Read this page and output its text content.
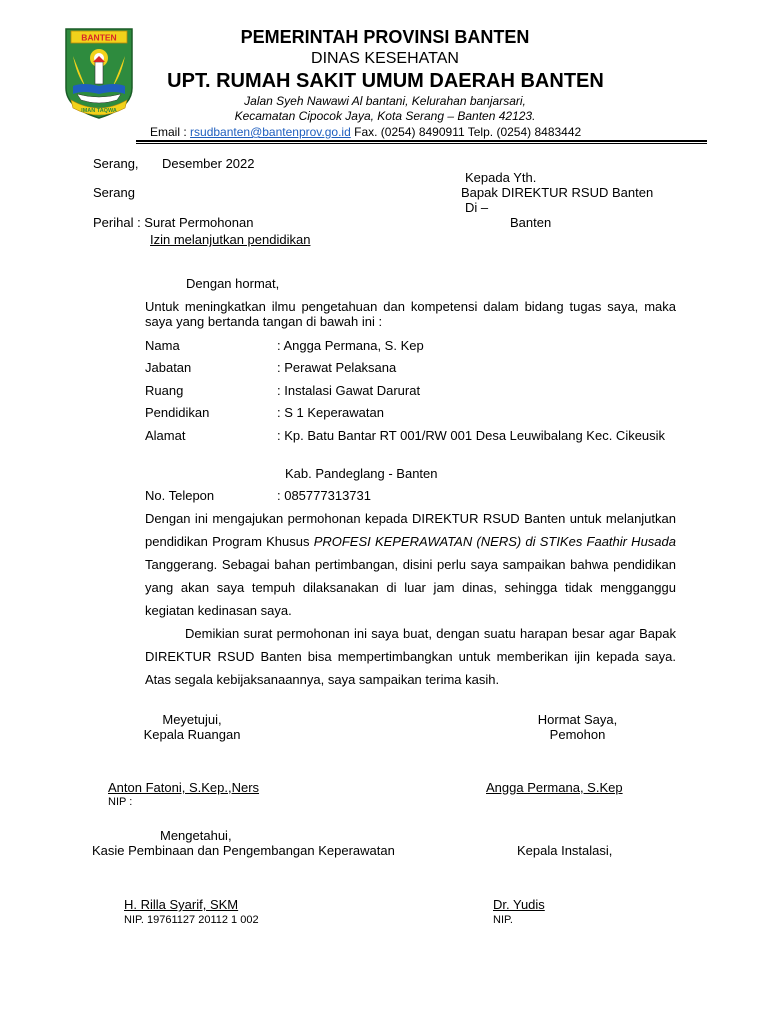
BANTEN
IMAN TAQWA
PEMERINTAH PROVINSI BANTEN
DINAS KESEHATAN
UPT. RUMAH SAKIT UMUM DAERAH BANTEN
Jalan Syeh Nawawi Al bantani, Kelurahan banjarsari,
Kecamatan Cipocok Jaya, Kota Serang – Banten 42123.
Email : rsudbanten@bantenprov.go.id Fax. (0254) 8490911 Telp. (0254) 8483442
Serang, Desember 2022
Kepada Yth.
Serang	Bapak DIREKTUR RSUD Banten
Di –
Perihal : Surat Permohonan	Banten
Izin melanjutkan pendidikan
Dengan hormat,
Untuk meningkatkan ilmu pengetahuan dan kompetensi dalam bidang tugas saya, maka saya yang bertanda tangan di bawah ini :
Nama	: Angga Permana, S. Kep
Jabatan	: Perawat Pelaksana
Ruang	: Instalasi Gawat Darurat
Pendidikan	: S 1 Keperawatan
Alamat	: Kp. Batu Bantar RT 001/RW 001 Desa Leuwibalang Kec. Cikeusik
Kab. Pandeglang - Banten
No. Telepon	: 085777313731
Dengan ini mengajukan permohonan kepada DIREKTUR RSUD Banten untuk melanjutkan pendidikan Program Khusus PROFESI KEPERAWATAN (NERS) di STIKes Faathir Husada Tanggerang. Sebagai bahan pertimbangan, disini perlu saya sampaikan bahwa pendidikan yang akan saya tempuh dilaksanakan di luar jam dinas, sehingga tidak mengganggu kegiatan kedinasan saya.
Demikian surat permohonan ini saya buat, dengan suatu harapan besar agar Bapak DIREKTUR RSUD Banten bisa mempertimbangkan untuk memberikan ijin kepada saya. Atas segala kebijaksanaannya, saya sampaikan terima kasih.
Meyetujui,
Kepala Ruangan
Hormat Saya,
Pemohon
Anton Fatoni, S.Kep.,Ners
NIP :
Angga Permana, S.Kep
Mengetahui,
Kasie Pembinaan dan Pengembangan Keperawatan	Kepala Instalasi,
H. Rilla Syarif, SKM
NIP. 19761127 20112 1 002
Dr. Yudis
NIP.
